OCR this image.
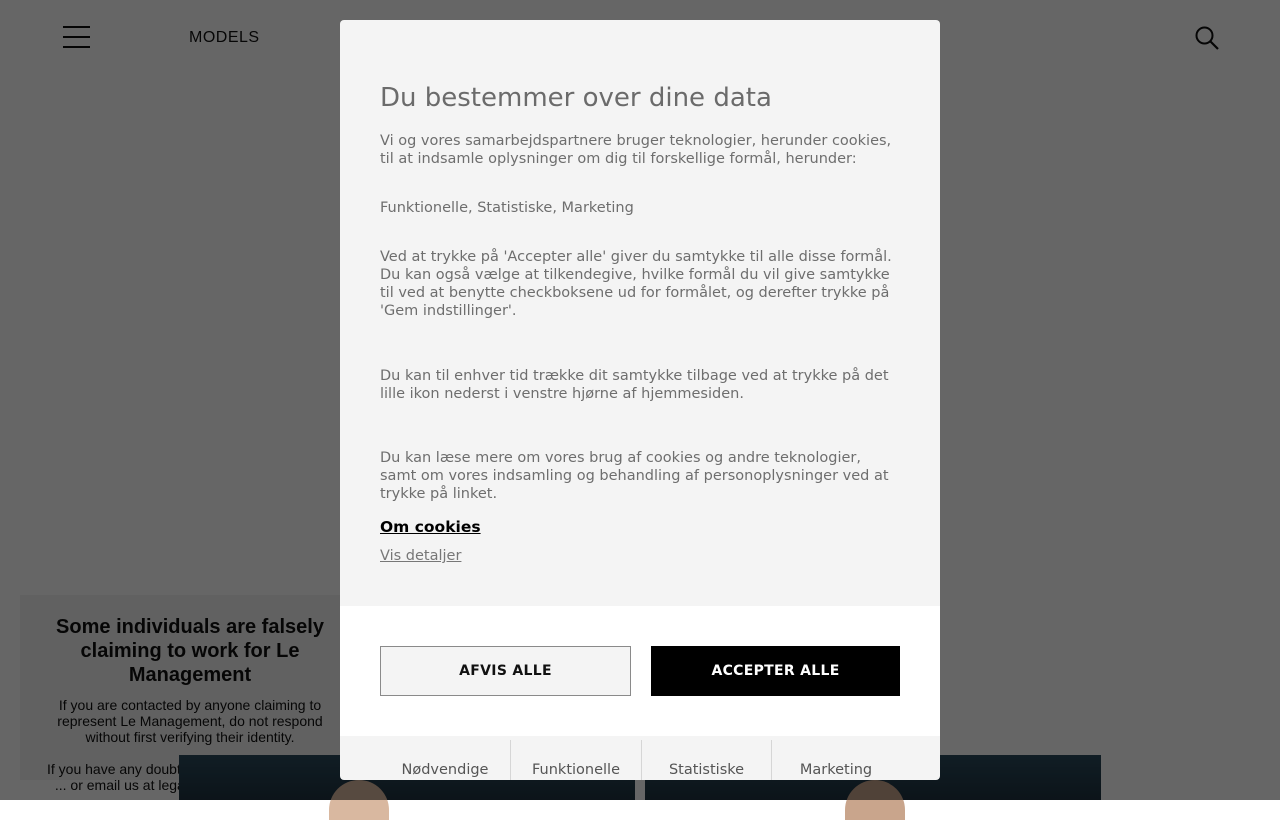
Du bestemmer over dine data

Vi og vores samarbejdspartnere bruger teknologier, herunder cookies, til at indsamle oplysninger om dig til forskellige formål, herunder:

Funktionelle, Statistiske, Marketing

Ved at trykke på 'Accepter alle' giver du samtykke til alle disse formål. Du kan også vælge at tilkendegive, hvilke formål du vil give samtykke til ved at benytte checkboksene ud for formålet, og derefter trykke på 'Gem indstillinger'.

Du kan til enhver tid trække dit samtykke tilbage ved at trykke på det lille ikon nederst i venstre hjørne af hjemmesiden.

Du kan læse mere om vores brug af cookies og andre teknologier, samt om vores indsamling og behandling af personoplysninger ved at trykke på linket.

Om cookies
Vis detaljer
AFVIS ALLE	ACCEPTER ALLE
Nødvendige	Funktionelle	Statistiske	Marketing
